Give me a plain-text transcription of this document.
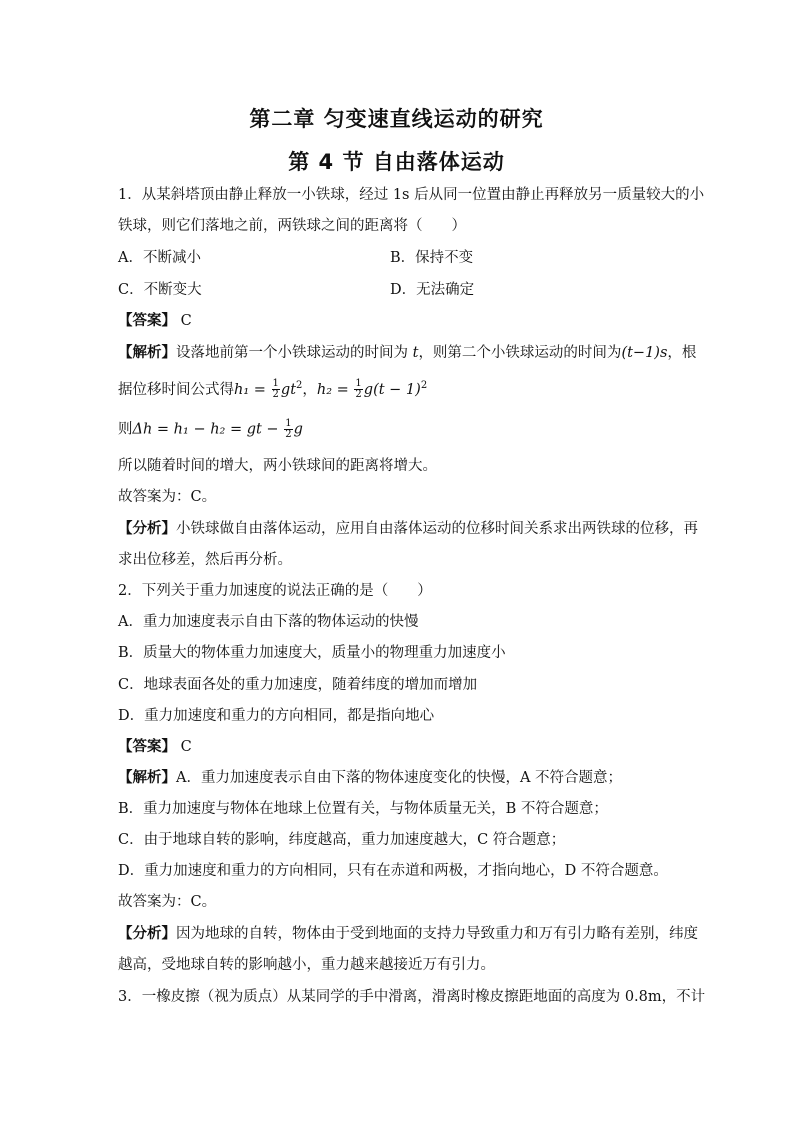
第二章 匀变速直线运动的研究
第 4 节 自由落体运动
1．从某斜塔顶由静止释放一小铁球，经过 1s 后从同一位置由静止再释放另一质量较大的小
铁球，则它们落地之前，两铁球之间的距离将（　　）
A．不断减小	B．保持不变
C．不断变大	D．无法确定
【答案】 C
【解析】设落地前第一个小铁球运动的时间为 t，则第二个小铁球运动的时间为(t−1)s，根
据位移时间公式得$h_1 = \frac{1}{2} gt^2$，$h_2 = \frac{1}{2} g(t - 1)^2$
则Δh = h₁ − h₂ = gt − $\frac{1}{2}$ g
所以随着时间的增大，两小铁球间的距离将增大。
故答案为：C。
【分析】小铁球做自由落体运动，应用自由落体运动的位移时间关系求出两铁球的位移，再
求出位移差，然后再分析。
2．下列关于重力加速度的说法正确的是（　　）
A．重力加速度表示自由下落的物体运动的快慢
B．质量大的物体重力加速度大，质量小的物理重力加速度小
C．地球表面各处的重力加速度，随着纬度的增加而增加
D．重力加速度和重力的方向相同，都是指向地心
【答案】 C
【解析】A．重力加速度表示自由下落的物体速度变化的快慢，A 不符合题意；
B．重力加速度与物体在地球上位置有关，与物体质量无关，B 不符合题意；
C．由于地球自转的影响，纬度越高，重力加速度越大，C 符合题意；
D．重力加速度和重力的方向相同，只有在赤道和两极，才指向地心，D 不符合题意。
故答案为：C。
【分析】因为地球的自转，物体由于受到地面的支持力导致重力和万有引力略有差别，纬度
越高，受地球自转的影响越小，重力越来越接近万有引力。
3．一橡皮擦（视为质点）从某同学的手中滑离，滑离时橡皮擦距地面的高度为 0.8m，不计
